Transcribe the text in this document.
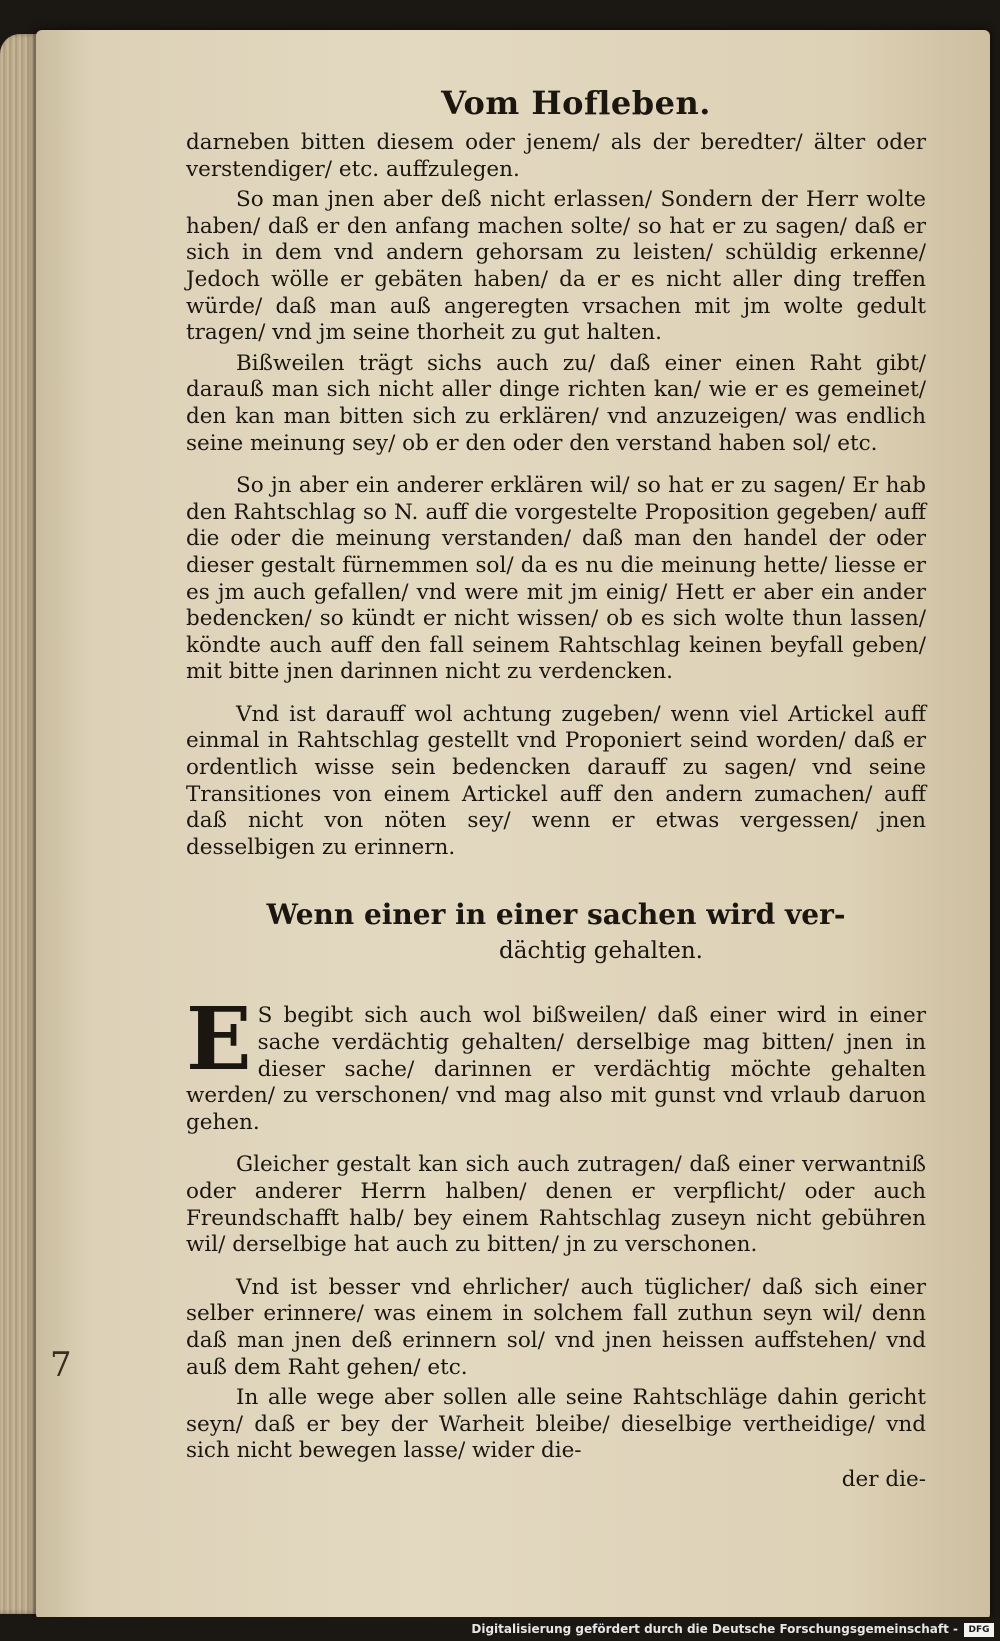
7
Vom Hofleben.

darneben bitten diesem oder jenem/ als der beredter/ älter oder verstendiger/ etc. auffzulegen.

So man jnen aber deß nicht erlassen/ Sondern der Herr wolte haben/ daß er den anfang machen solte/ so hat er zu sagen/ daß er sich in dem vnd andern gehorsam zu leisten/ schüldig erkenne/ Jedoch wölle er gebäten haben/ da er es nicht aller ding treffen würde/ daß man auß angeregten vrsachen mit jm wolte gedult tragen/ vnd jm seine thorheit zu gut halten.

Bißweilen trägt sichs auch zu/ daß einer einen Raht gibt/ darauß man sich nicht aller dinge richten kan/ wie er es gemeinet/ den kan man bitten sich zu erklären/ vnd anzuzeigen/ was endlich seine meinung sey/ ob er den oder den verstand haben sol/ etc.

So jn aber ein anderer erklären wil/ so hat er zu sagen/ Er hab den Rahtschlag so N. auff die vorgestelte Proposition gegeben/ auff die oder die meinung verstanden/ daß man den handel der oder dieser gestalt fürnemmen sol/ da es nu die meinung hette/ liesse er es jm auch gefallen/ vnd were mit jm einig/ Hett er aber ein ander bedencken/ so kündt er nicht wissen/ ob es sich wolte thun lassen/ köndte auch auff den fall seinem Rahtschlag keinen beyfall geben/ mit bitte jnen darinnen nicht zu verdencken.

Vnd ist darauff wol achtung zugeben/ wenn viel Artickel auff einmal in Rahtschlag gestellt vnd Proponiert seind worden/ daß er ordentlich wisse sein bedencken darauff zu sagen/ vnd seine Transitiones von einem Artickel auff den andern zumachen/ auff daß nicht von nöten sey/ wenn er etwas vergessen/ jnen desselbigen zu erinnern.

Wenn einer in einer sachen wird ver-
dächtig gehalten.

E S begibt sich auch wol bißweilen/ daß einer wird in einer sache verdächtig gehalten/ derselbige mag bitten/ jnen in dieser sache/ darinnen er verdächtig möchte gehalten werden/ zu verschonen/ vnd mag also mit gunst vnd vrlaub daruon gehen.

Gleicher gestalt kan sich auch zutragen/ daß einer verwantniß oder anderer Herrn halben/ denen er verpflicht/ oder auch Freundschafft halb/ bey einem Rahtschlag zuseyn nicht gebühren wil/ derselbige hat auch zu bitten/ jn zu verschonen.

Vnd ist besser vnd ehrlicher/ auch tüglicher/ daß sich einer selber erinnere/ was einem in solchem fall zuthun seyn wil/ denn daß man jnen deß erinnern sol/ vnd jnen heissen auffstehen/ vnd auß dem Raht gehen/ etc.

In alle wege aber sollen alle seine Rahtschläge dahin gericht seyn/ daß er bey der Warheit bleibe/ dieselbige vertheidige/ vnd sich nicht bewegen lasse/ wider die-

der die-
Digitalisierung gefördert durch die Deutsche Forschungsgemeinschaft -	DFG
